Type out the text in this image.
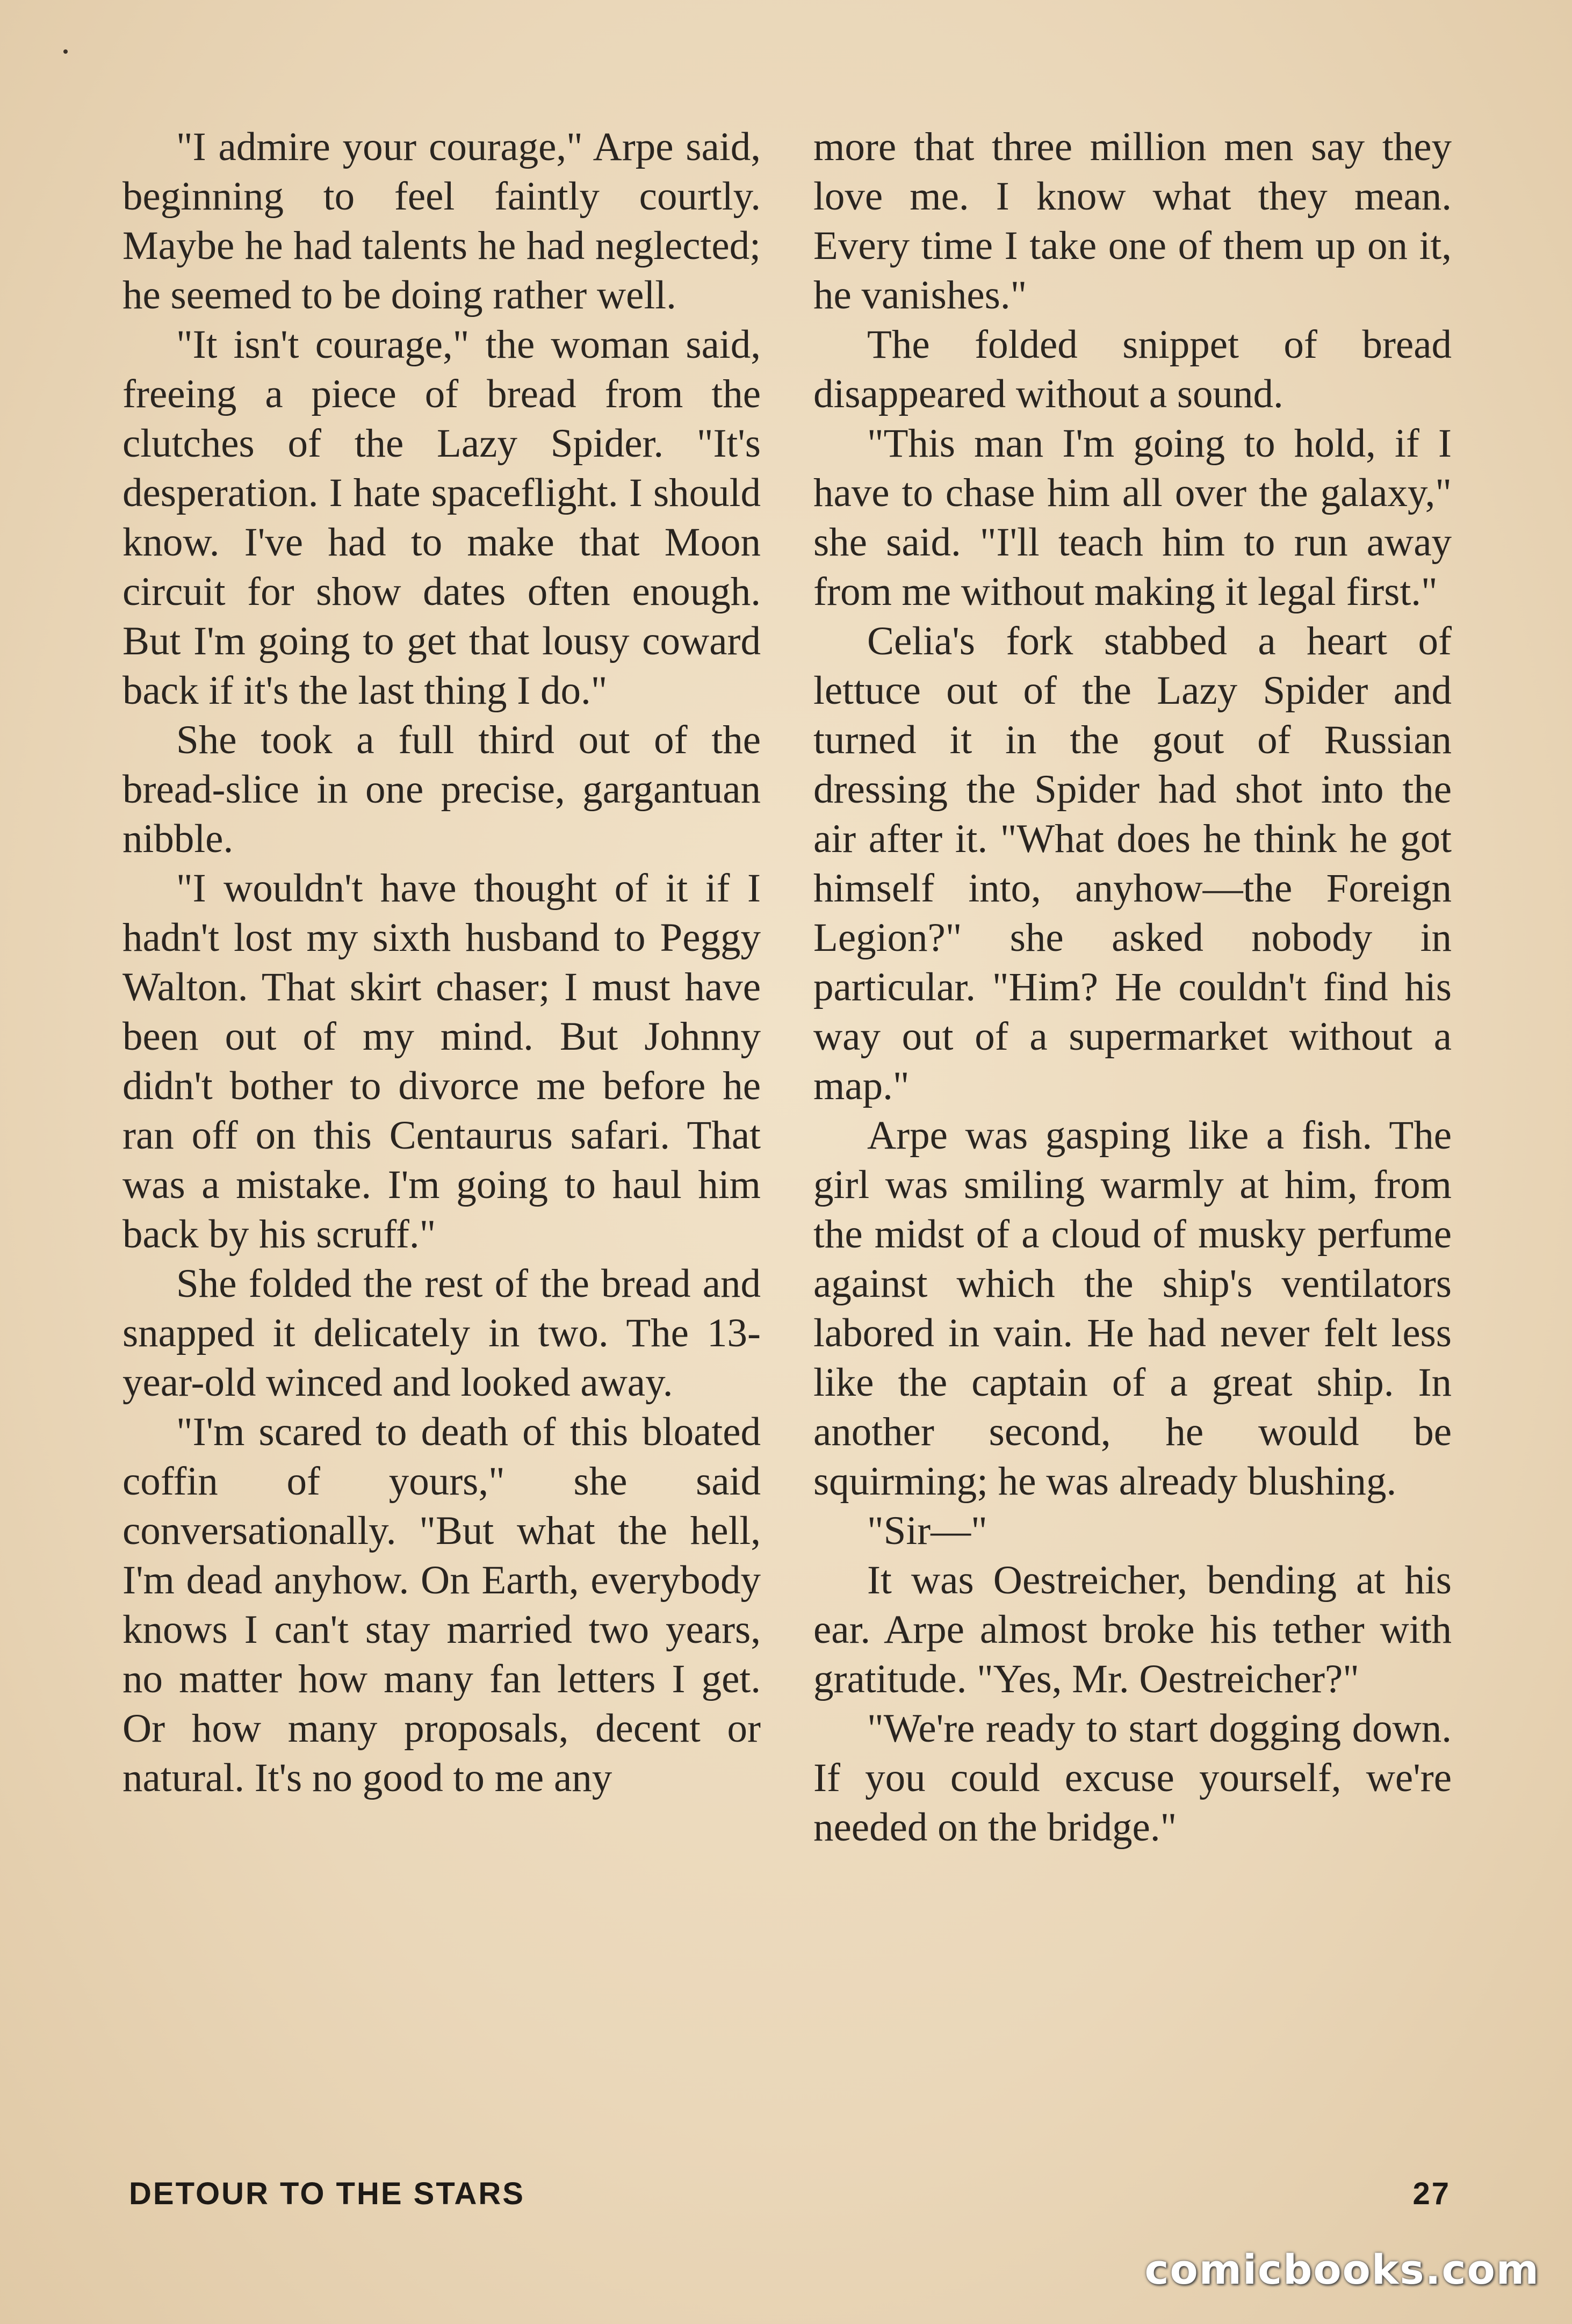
"I admire your courage," Arpe said, beginning to feel faintly courtly. Maybe he had talents he had neglected; he seemed to be doing rather well.

"It isn't courage," the woman said, freeing a piece of bread from the clutches of the Lazy Spider. "It's desperation. I hate spaceflight. I should know. I've had to make that Moon circuit for show dates often enough. But I'm going to get that lousy coward back if it's the last thing I do."

She took a full third out of the bread-slice in one precise, gargantuan nibble.

"I wouldn't have thought of it if I hadn't lost my sixth husband to Peggy Walton. That skirt chaser; I must have been out of my mind. But Johnny didn't bother to divorce me before he ran off on this Centaurus safari. That was a mistake. I'm going to haul him back by his scruff."

She folded the rest of the bread and snapped it delicately in two. The 13-year-old winced and looked away.

"I'm scared to death of this bloated coffin of yours," she said conversationally. "But what the hell, I'm dead anyhow. On Earth, everybody knows I can't stay married two years, no matter how many fan letters I get. Or how many proposals, decent or natural. It's no good to me any

more that three million men say they love me. I know what they mean. Every time I take one of them up on it, he vanishes."

The folded snippet of bread disappeared without a sound.

"This man I'm going to hold, if I have to chase him all over the galaxy," she said. "I'll teach him to run away from me without making it legal first."

Celia's fork stabbed a heart of lettuce out of the Lazy Spider and turned it in the gout of Russian dressing the Spider had shot into the air after it. "What does he think he got himself into, anyhow—the Foreign Legion?" she asked nobody in particular. "Him? He couldn't find his way out of a supermarket without a map."

Arpe was gasping like a fish. The girl was smiling warmly at him, from the midst of a cloud of musky perfume against which the ship's ventilators labored in vain. He had never felt less like the captain of a great ship. In another second, he would be squirming; he was already blushing.

"Sir—"

It was Oestreicher, bending at his ear. Arpe almost broke his tether with gratitude. "Yes, Mr. Oestreicher?"

"We're ready to start dogging down. If you could excuse yourself, we're needed on the bridge."

DETOUR TO THE STARS	27
comicbooks.com
